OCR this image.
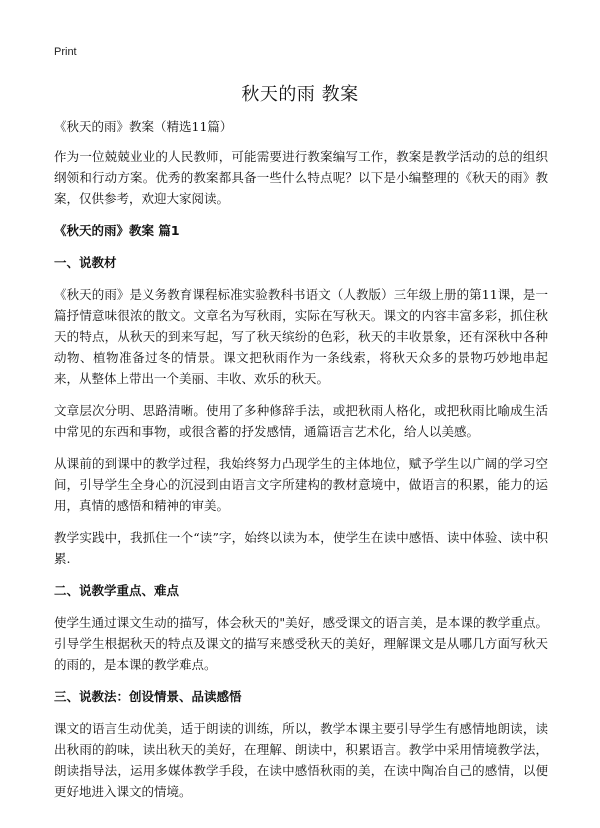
Print
秋天的雨 教案

《秋天的雨》教案（精选11篇）

作为一位兢兢业业的人民教师，可能需要进行教案编写工作，教案是教学活动的总的组织纲领和行动方案。优秀的教案都具备一些什么特点呢？以下是小编整理的《秋天的雨》教案，仅供参考，欢迎大家阅读。

《秋天的雨》教案 篇1

一、说教材

《秋天的雨》是义务教育课程标准实验教科书语文（人教版）三年级上册的第11课，是一篇抒情意味很浓的散文。文章名为写秋雨，实际在写秋天。课文的内容丰富多彩，抓住秋天的特点，从秋天的到来写起，写了秋天缤纷的色彩，秋天的丰收景象，还有深秋中各种动物、植物准备过冬的情景。课文把秋雨作为一条线索，将秋天众多的景物巧妙地串起来，从整体上带出一个美丽、丰收、欢乐的秋天。

文章层次分明、思路清晰。使用了多种修辞手法，或把秋雨人格化，或把秋雨比喻成生活中常见的东西和事物，或很含蓄的抒发感情，通篇语言艺术化，给人以美感。

从课前的到课中的教学过程，我始终努力凸现学生的主体地位，赋予学生以广阔的学习空间，引导学生全身心的沉浸到由语言文字所建构的教材意境中，做语言的积累，能力的运用，真情的感悟和精神的审美。

教学实践中，我抓住一个“读”字，始终以读为本，使学生在读中感悟、读中体验、读中积累.

二、说教学重点、难点

使学生通过课文生动的描写，体会秋天的"美好，感受课文的语言美，是本课的教学重点。引导学生根据秋天的特点及课文的描写来感受秋天的美好，理解课文是从哪几方面写秋天的雨的，是本课的教学难点。

三、说教法：创设情景、品读感悟

课文的语言生动优美，适于朗读的训练，所以，教学本课主要引导学生有感情地朗读，读出秋雨的韵味，读出秋天的美好，在理解、朗读中，积累语言。教学中采用情境教学法，朗读指导法，运用多媒体教学手段，在读中感悟秋雨的美，在读中陶冶自己的感情，以便更好地进入课文的情境。
